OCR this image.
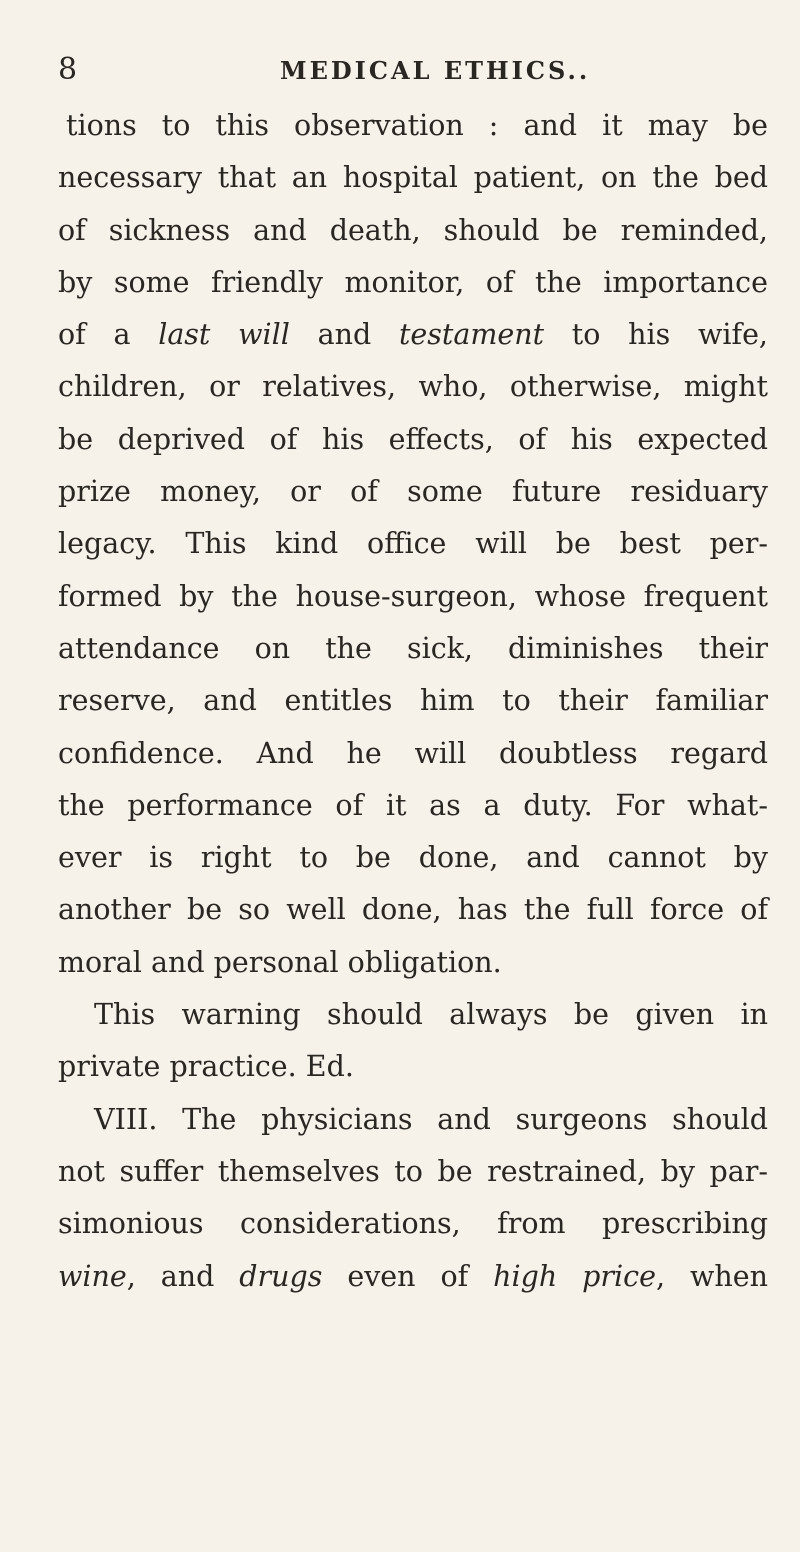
8	MEDICAL ETHICS..
tions to this observation : and it may be
necessary that an hospital patient, on the bed
of sickness and death, should be reminded,
by some friendly monitor, of the importance
of a last will and testament to his wife,
children, or relatives, who, otherwise, might
be deprived of his effects, of his expected
prize money, or of some future residuary
legacy. This kind office will be best per-
formed by the house-surgeon, whose frequent
attendance on the sick, diminishes their
reserve, and entitles him to their familiar
confidence. And he will doubtless regard
the performance of it as a duty. For what-
ever is right to be done, and cannot by
another be so well done, has the full force of
moral and personal obligation.
This warning should always be given in
private practice. Ed.
VIII. The physicians and surgeons should
not suffer themselves to be restrained, by par-
simonious considerations, from prescribing
wine, and drugs even of high price, when
